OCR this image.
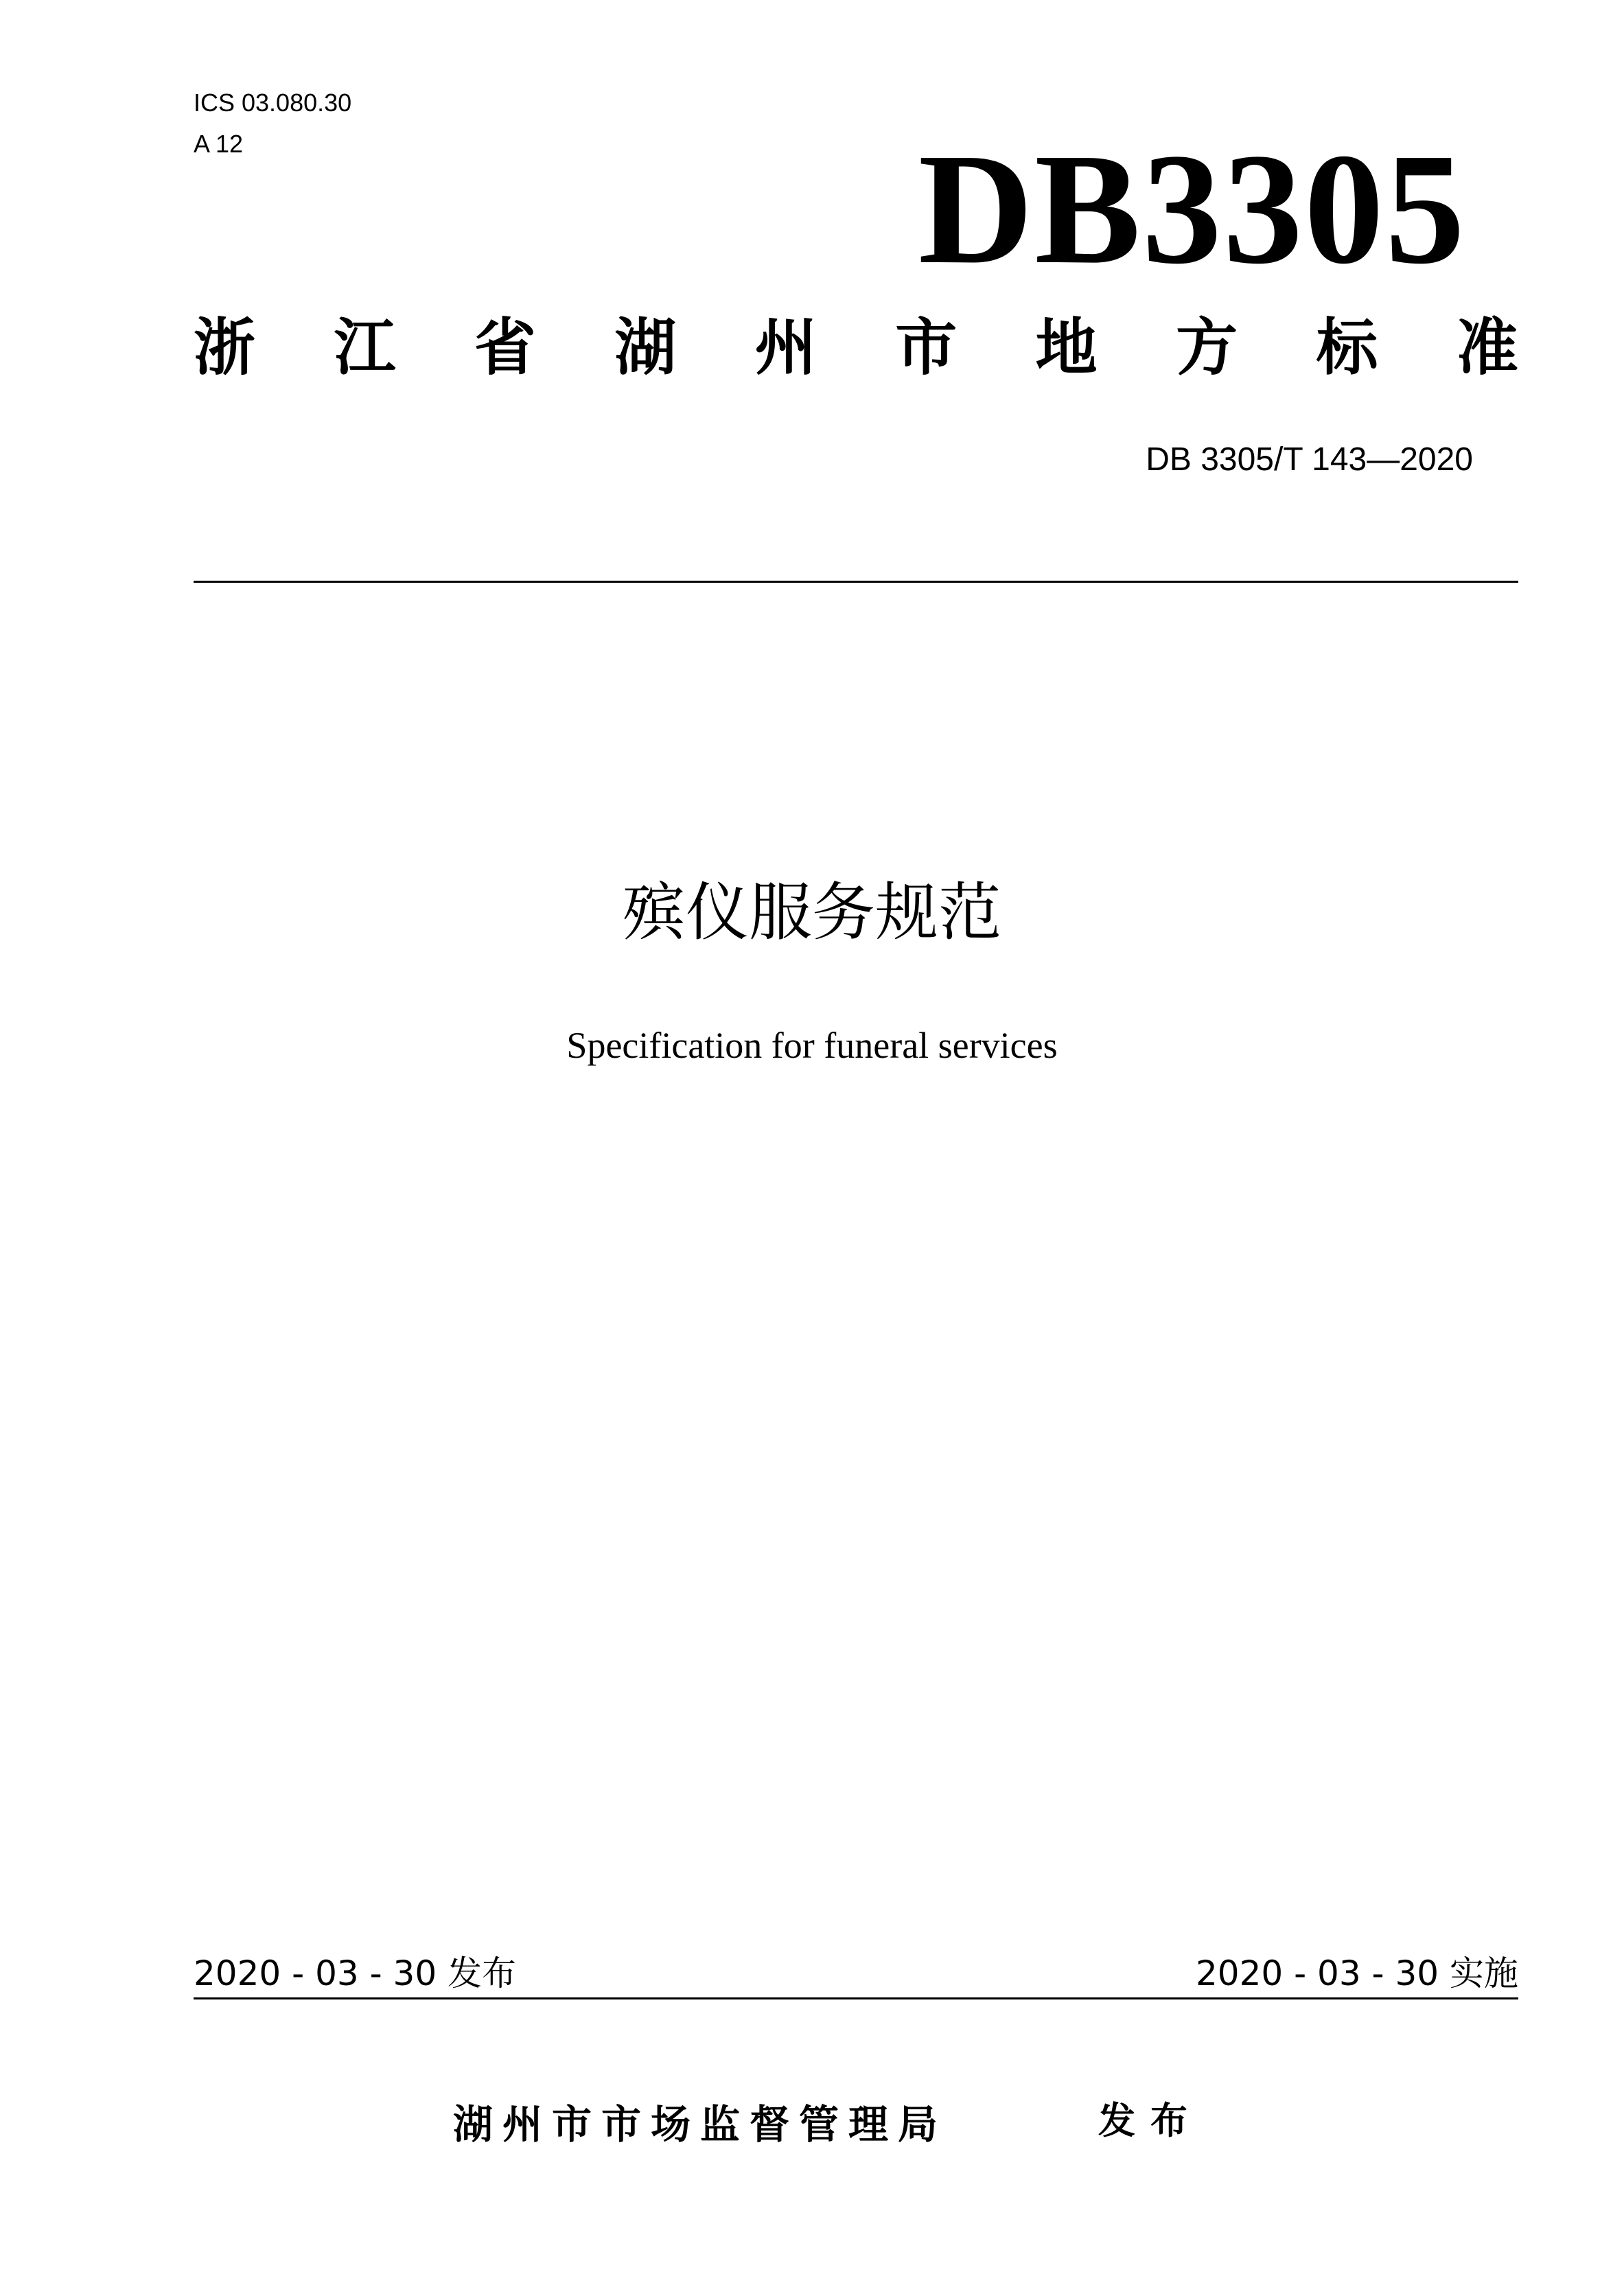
ICS 03.080.30
A 12	DB3305
浙 江 省 湖 州 市 地 方 标 准
DB 3305/T 143—2020
殡仪服务规范
Specification for funeral services
2020 - 03 - 30 发布	2020 - 03 - 30 实施
湖州市市场监督管理局	发布
